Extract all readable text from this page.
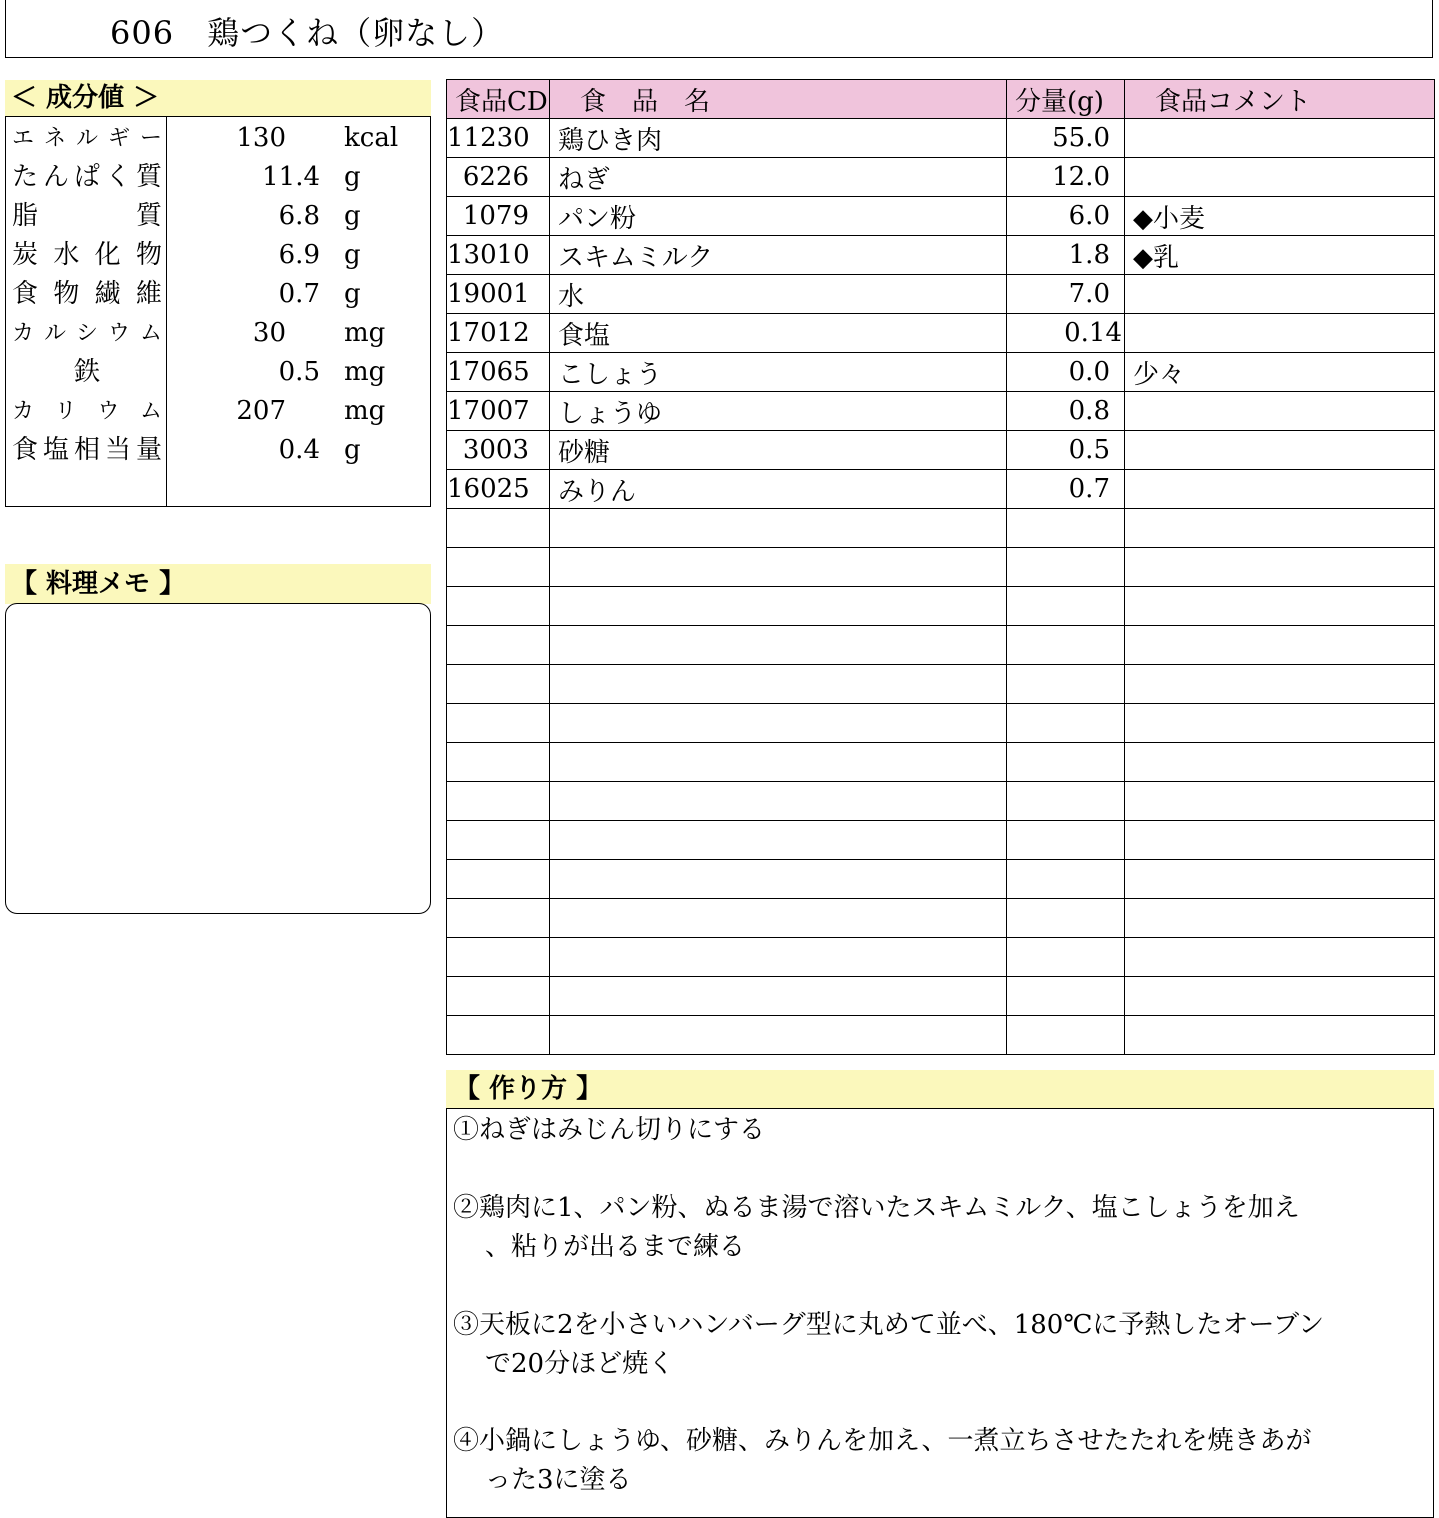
606　鶏つくね（卵なし）
＜ 成分値 ＞
エ ネ ル ギ ー	130 kcal
た ん ぱ く 質	11.4 g
脂	質	6.8 g
炭 水 化 物	6.9 g
食 物 繊 維	0.7 g
カ ル シ ウ ム	30 mg
鉄	0.5 mg
カ リ ウ ム	207 mg
食 塩 相 当 量	0.4 g
【 料理メモ 】
食品CD	食　品　名	分量(g)	食品コメント
11230	鶏ひき肉	55.0	
6226	ねぎ	12.0	
1079	パン粉	6.0	◆小麦
13010	スキムミルク	1.8	◆乳
19001	水	7.0	
17012	食塩	0.14	
17065	こしょう	0.0	少々
17007	しょうゆ	0.8	
3003	砂糖	0.5	
16025	みりん	0.7	

【 作り方 】
①ねぎはみじん切りにする
②鶏肉に1、パン粉、ぬるま湯で溶いたスキムミルク、塩こしょうを加え
、粘りが出るまで練る
③天板に2を小さいハンバーグ型に丸めて並べ、180℃に予熱したオーブン
で20分ほど焼く
④小鍋にしょうゆ、砂糖、みりんを加え、一煮立ちさせたたれを焼きあが
った3に塗る
